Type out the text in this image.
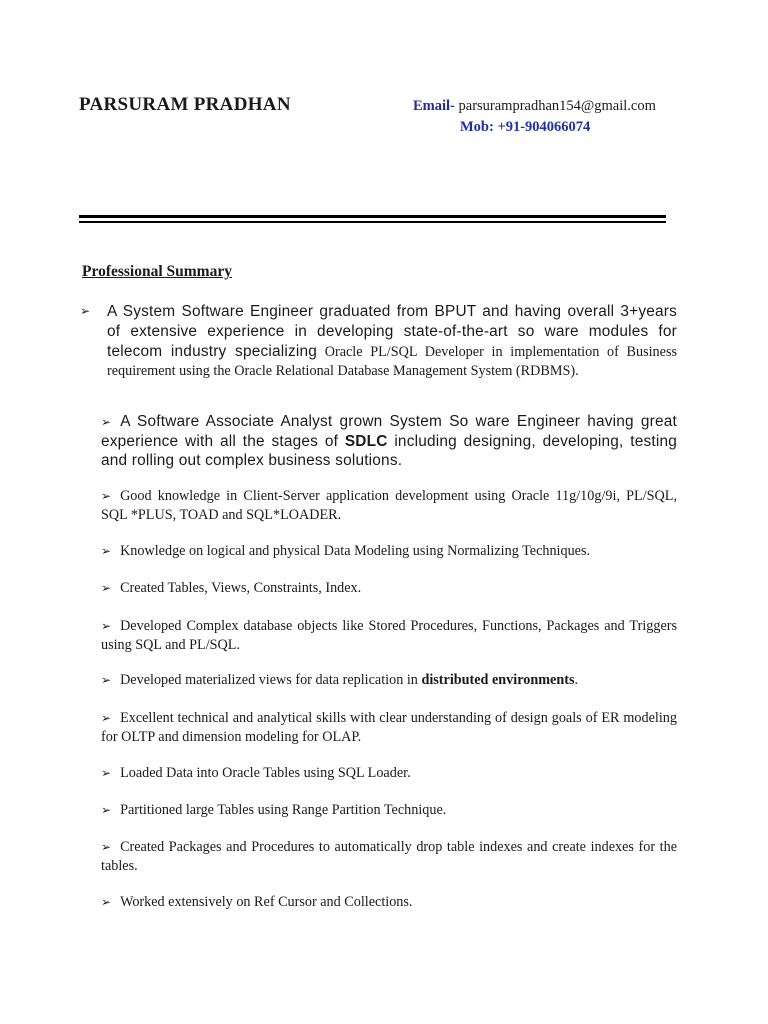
PARSURAM PRADHAN	Email- parsurampradhan154@gmail.com
Mob: +91-904066074
Professional Summary
➢ A System Software Engineer graduated from BPUT and having overall 3+years of extensive experience in developing state-of-the-art so ware modules for telecom industry specializing Oracle PL/SQL Developer in implementation of Business requirement using the Oracle Relational Database Management System (RDBMS).
➢ A Software Associate Analyst grown System So ware Engineer having great experience with all the stages of SDLC including designing, developing, testing and rolling out complex business solutions.
➢ Good knowledge in Client-Server application development using Oracle 11g/10g/9i, PL/SQL, SQL *PLUS, TOAD and SQL*LOADER.
➢ Knowledge on logical and physical Data Modeling using Normalizing Techniques.
➢ Created Tables, Views, Constraints, Index.
➢ Developed Complex database objects like Stored Procedures, Functions, Packages and Triggers using SQL and PL/SQL.
➢ Developed materialized views for data replication in distributed environments.
➢ Excellent technical and analytical skills with clear understanding of design goals of ER modeling for OLTP and dimension modeling for OLAP.
➢ Loaded Data into Oracle Tables using SQL Loader.
➢ Partitioned large Tables using Range Partition Technique.
➢ Created Packages and Procedures to automatically drop table indexes and create indexes for the tables.
➢ Worked extensively on Ref Cursor and Collections.
